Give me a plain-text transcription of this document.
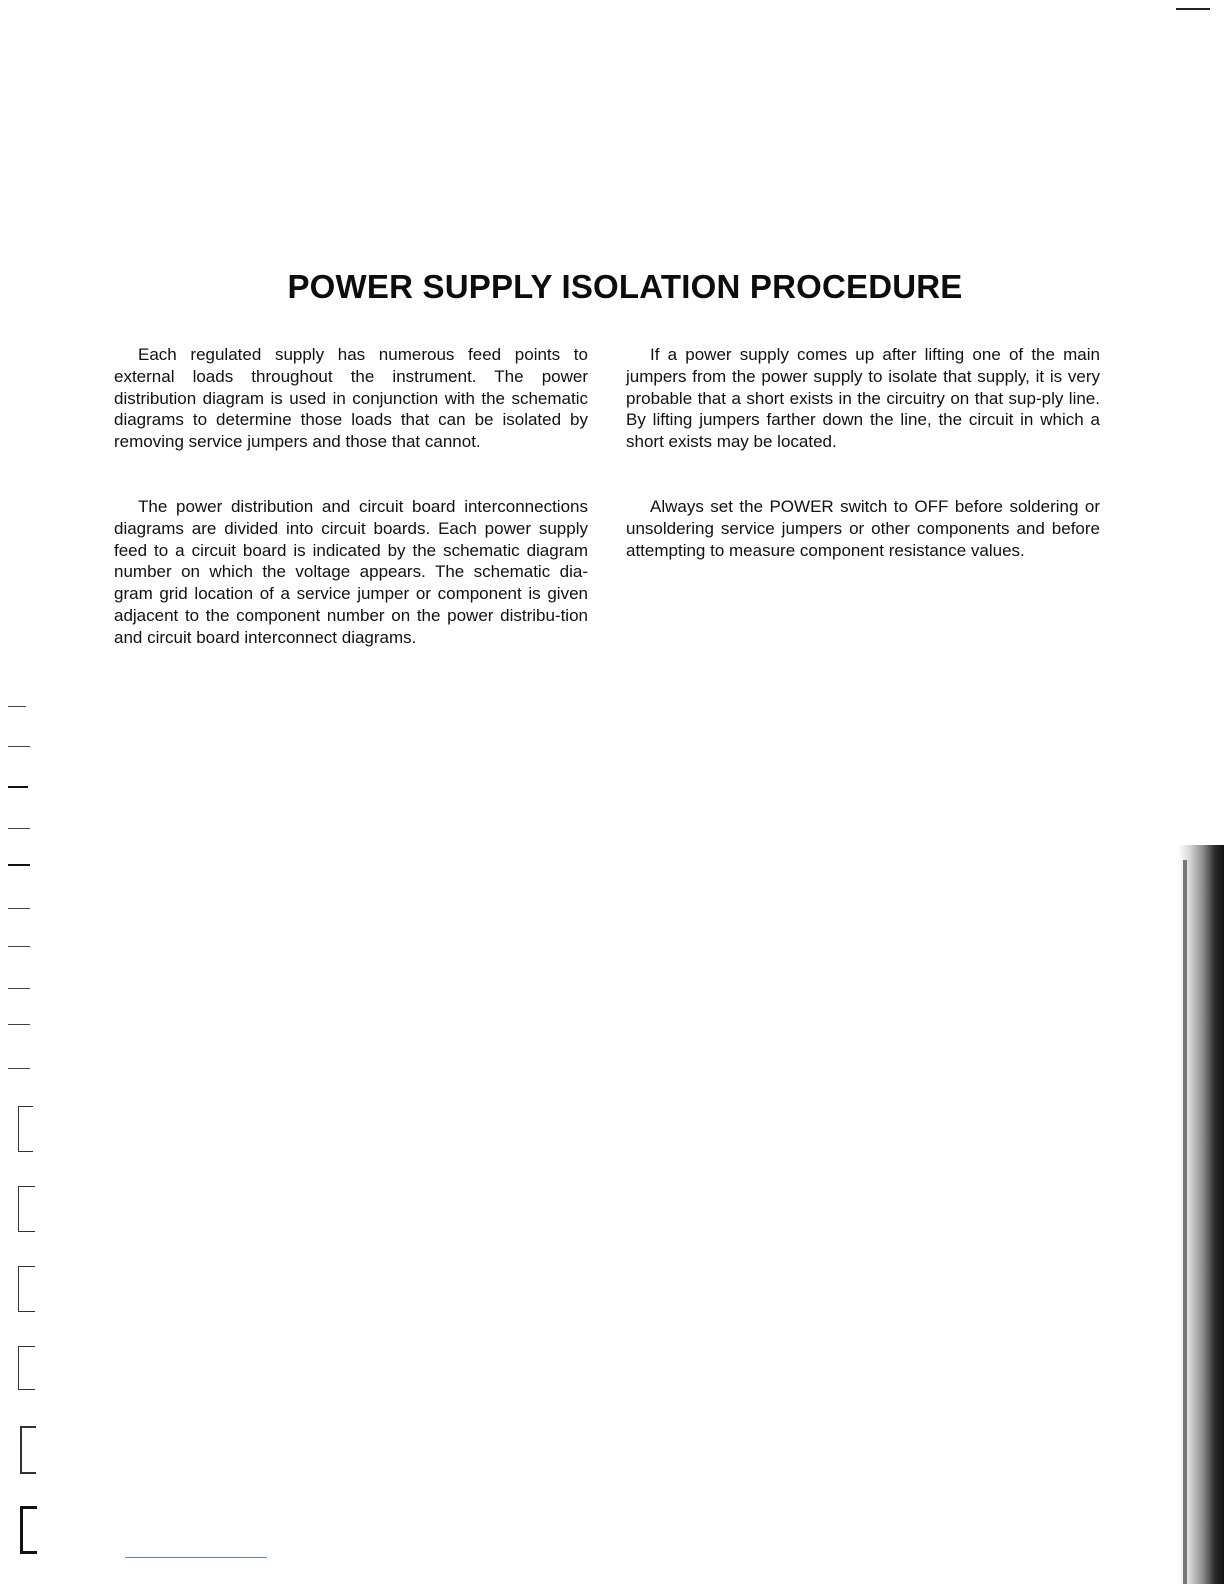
POWER SUPPLY ISOLATION PROCEDURE

Each regulated supply has numerous feed points to external loads throughout the instrument. The power distribution diagram is used in conjunction with the schematic diagrams to determine those loads that can be isolated by removing service jumpers and those that cannot.

The power distribution and circuit board interconnections diagrams are divided into circuit boards. Each power supply feed to a circuit board is indicated by the schematic diagram number on which the voltage appears. The schematic dia-gram grid location of a service jumper or component is given adjacent to the component number on the power distribu-tion and circuit board interconnect diagrams.

If a power supply comes up after lifting one of the main jumpers from the power supply to isolate that supply, it is very probable that a short exists in the circuitry on that sup-ply line. By lifting jumpers farther down the line, the circuit in which a short exists may be located.

Always set the POWER switch to OFF before soldering or unsoldering service jumpers or other components and before attempting to measure component resistance values.
